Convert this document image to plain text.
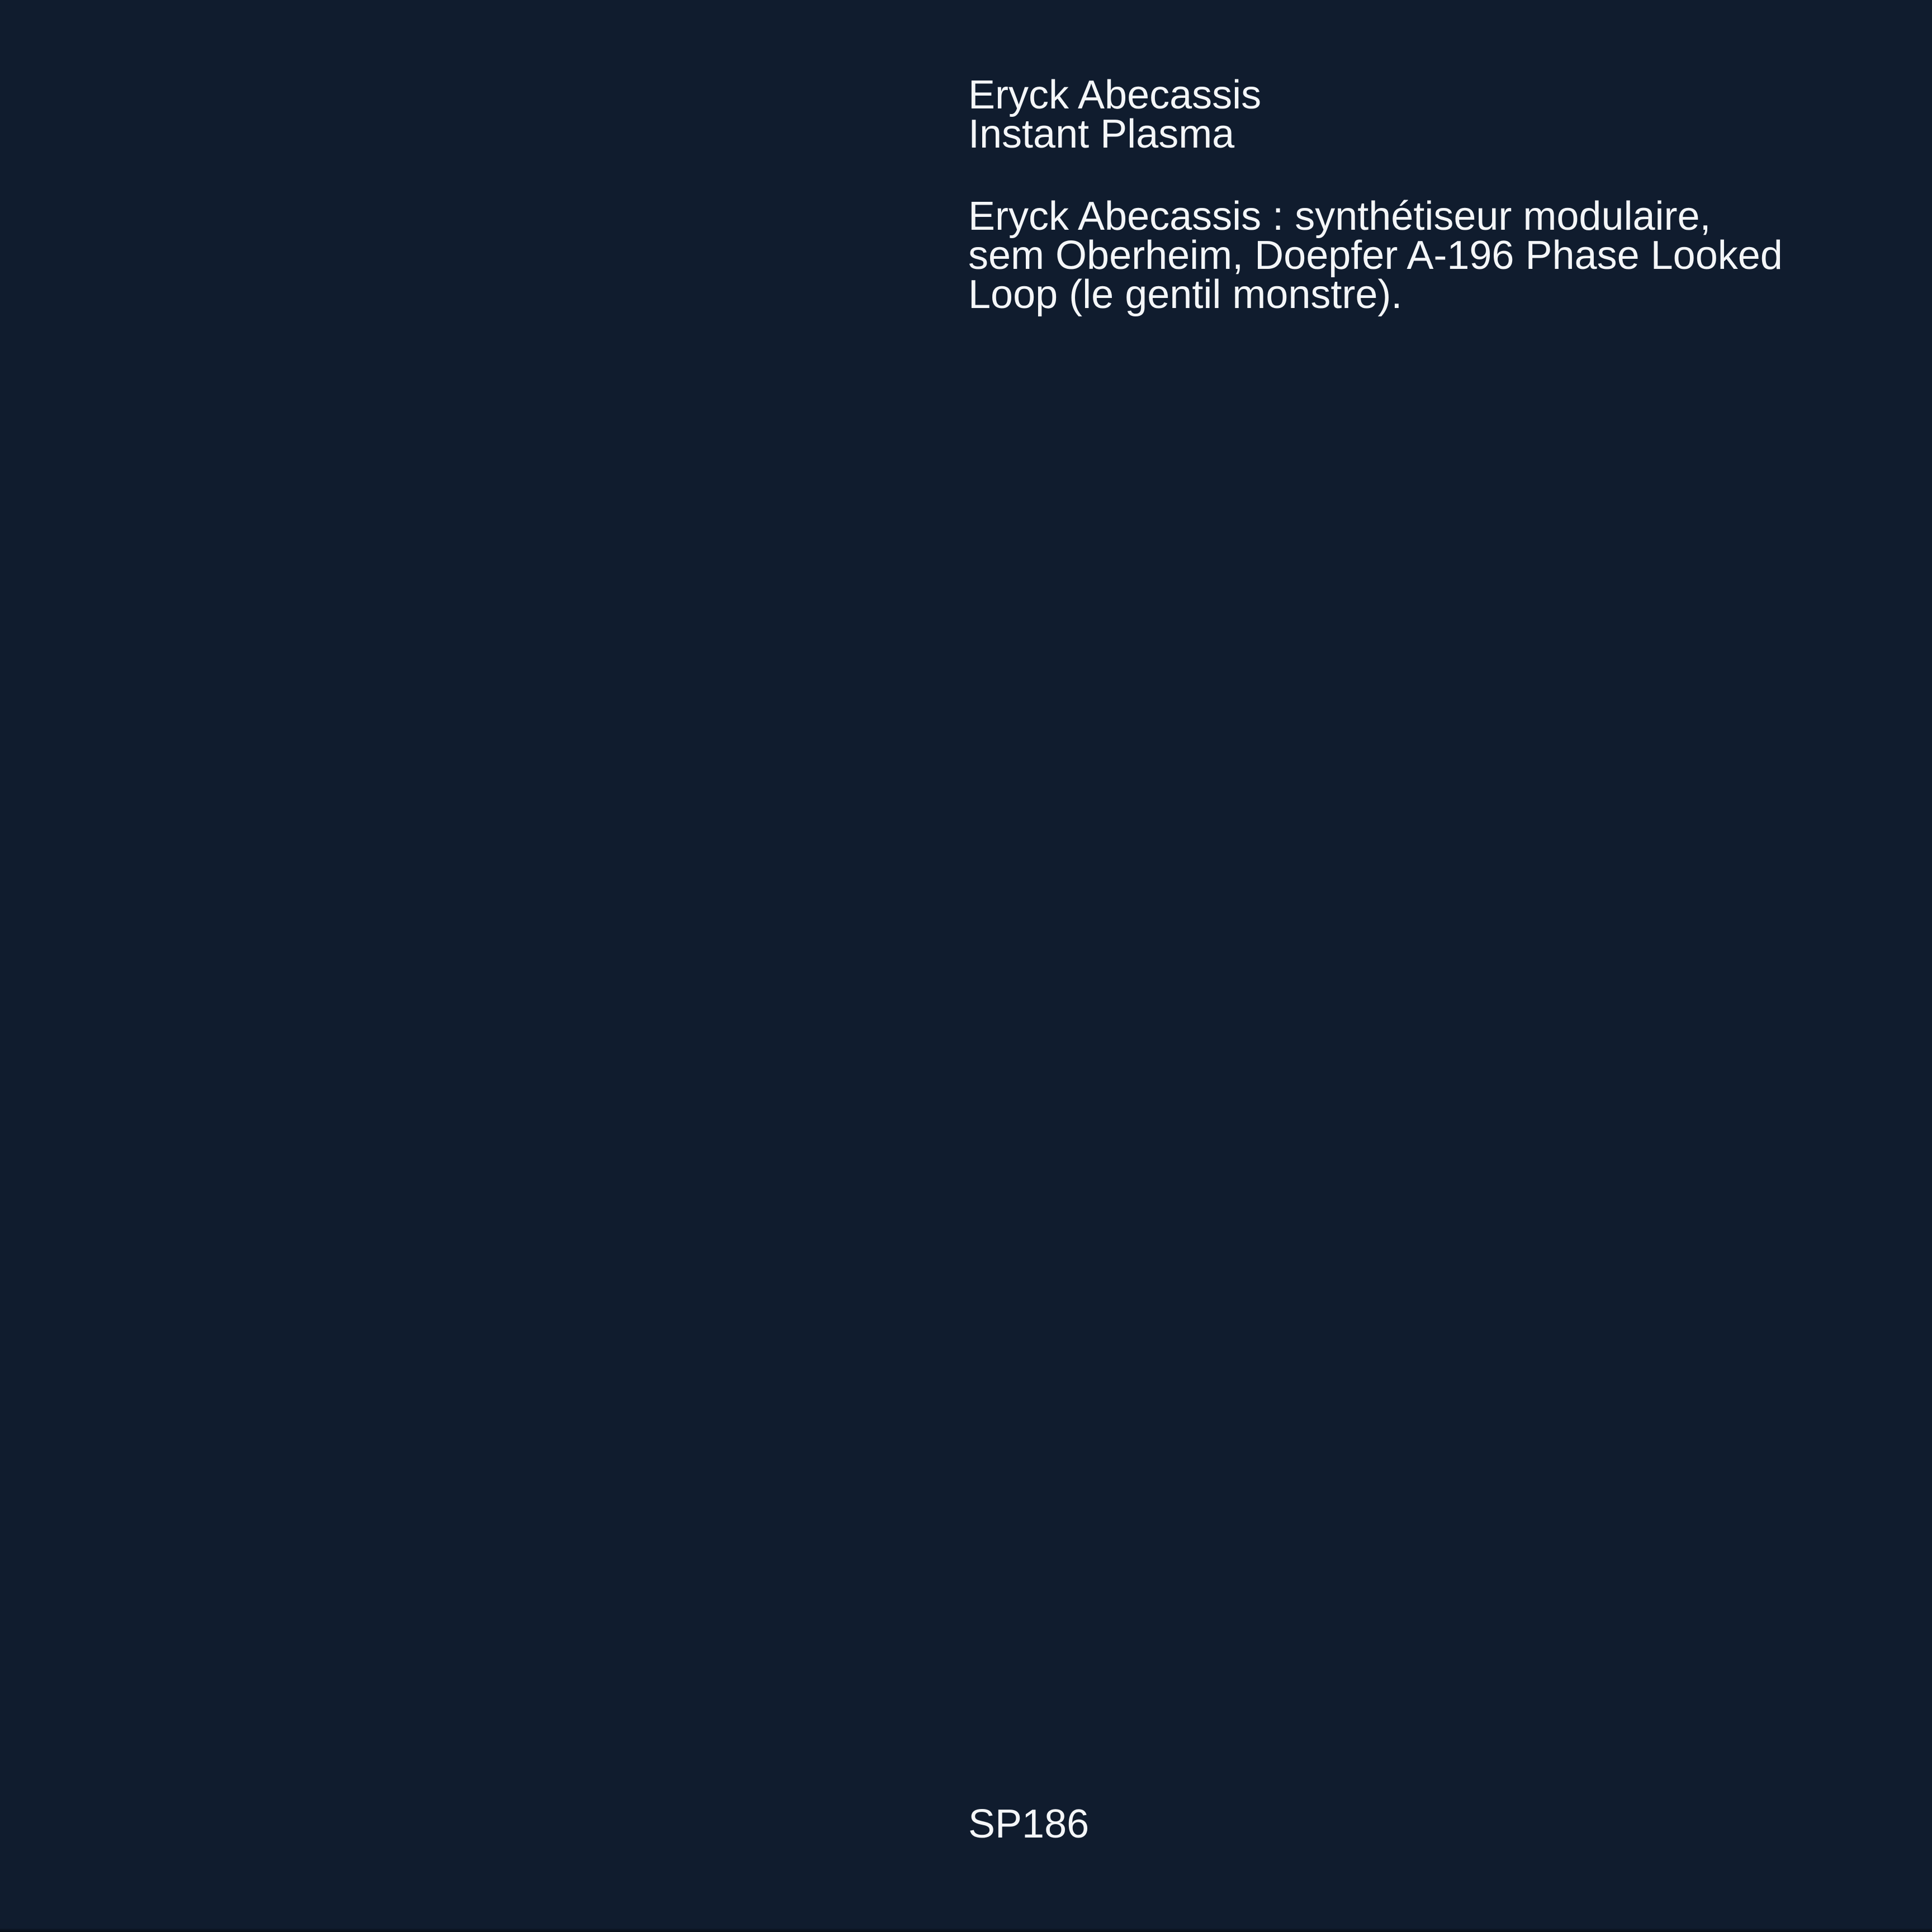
Eryck Abecassis
Instant Plasma
Eryck Abecassis : synthétiseur modulaire,
sem Oberheim, Doepfer A-196 Phase Looked
Loop (le gentil monstre).
SP186
